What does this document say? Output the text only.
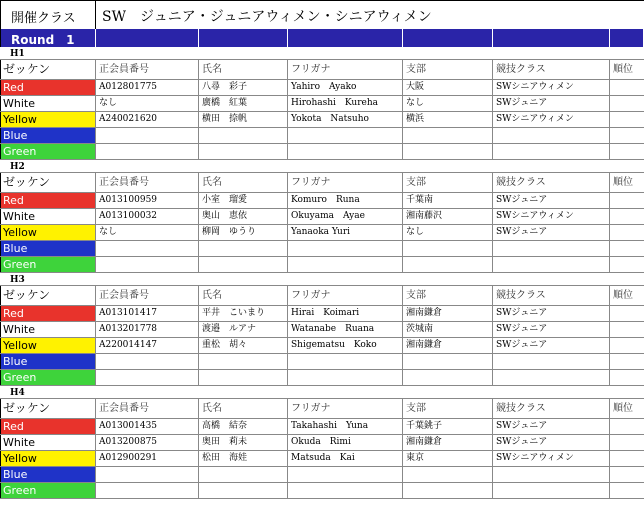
開催クラス	SW　ジュニア・ジュニアウィメン・シニアウィメン
Round　1
H1
ゼッケン	正会員番号	氏名	フリガナ	支部	競技クラス	順位
Red	A012801775	八尋　彩子	Yahiro　Ayako	大阪	SWシニアウィメン
White	なし	廣橋　紅葉	Hirohashi　Kureha	なし	SWジュニア
Yellow	A240021620	横田　捺帆	Yokota　Natsuho	横浜	SWシニアウィメン
Blue
Green
H2
ゼッケン	正会員番号	氏名	フリガナ	支部	競技クラス	順位
Red	A013100959	小室　瑠愛	Komuro　Runa	千葉南	SWジュニア
White	A013100032	奥山　恵依	Okuyama　Ayae	湘南藤沢	SWシニアウィメン
Yellow	なし	柳岡　ゆうり	Yanaoka Yuri	なし	SWジュニア
Blue
Green
H3
ゼッケン	正会員番号	氏名	フリガナ	支部	競技クラス	順位
Red	A013101417	平井　こいまり	Hirai　Koimari	湘南鎌倉	SWジュニア
White	A013201778	渡邉　ルアナ	Watanabe　Ruana	茨城南	SWジュニア
Yellow	A220014147	重松　胡々	Shigematsu　Koko	湘南鎌倉	SWジュニア
Blue
Green
H4
ゼッケン	正会員番号	氏名	フリガナ	支部	競技クラス	順位
Red	A013001435	高橋　結奈	Takahashi　Yuna	千葉銚子	SWジュニア
White	A013200875	奥田　莉未	Okuda　Rimi	湘南鎌倉	SWジュニア
Yellow	A012900291	松田　海娃	Matsuda　Kai	東京	SWシニアウィメン
Blue
Green
